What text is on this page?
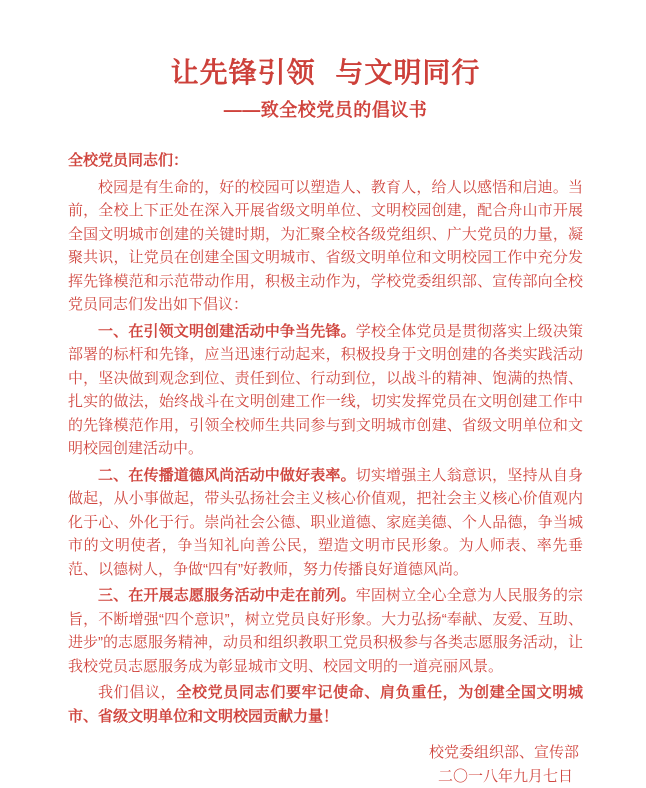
让先锋引领 与文明同行
——致全校党员的倡议书

全校党员同志们：

校园是有生命的，好的校园可以塑造人、教育人，给人以感悟和启迪。当前，全校上下正处在深入开展省级文明单位、文明校园创建，配合舟山市开展全国文明城市创建的关键时期，为汇聚全校各级党组织、广大党员的力量，凝聚共识，让党员在创建全国文明城市、省级文明单位和文明校园工作中充分发挥先锋模范和示范带动作用，积极主动作为，学校党委组织部、宣传部向全校党员同志们发出如下倡议：

一、在引领文明创建活动中争当先锋。学校全体党员是贯彻落实上级决策部署的标杆和先锋，应当迅速行动起来，积极投身于文明创建的各类实践活动中，坚决做到观念到位、责任到位、行动到位，以战斗的精神、饱满的热情、扎实的做法，始终战斗在文明创建工作一线，切实发挥党员在文明创建工作中的先锋模范作用，引领全校师生共同参与到文明城市创建、省级文明单位和文明校园创建活动中。

二、在传播道德风尚活动中做好表率。切实增强主人翁意识，坚持从自身做起，从小事做起，带头弘扬社会主义核心价值观，把社会主义核心价值观内化于心、外化于行。崇尚社会公德、职业道德、家庭美德、个人品德，争当城市的文明使者，争当知礼向善公民，塑造文明市民形象。为人师表、率先垂范、以德树人，争做“四有”好教师，努力传播良好道德风尚。

三、在开展志愿服务活动中走在前列。牢固树立全心全意为人民服务的宗旨，不断增强“四个意识”，树立党员良好形象。大力弘扬“奉献、友爱、互助、进步”的志愿服务精神，动员和组织教职工党员积极参与各类志愿服务活动，让我校党员志愿服务成为彰显城市文明、校园文明的一道亮丽风景。

我们倡议，全校党员同志们要牢记使命、肩负重任，为创建全国文明城市、省级文明单位和文明校园贡献力量！

校党委组织部、宣传部
二〇一八年九月七日
